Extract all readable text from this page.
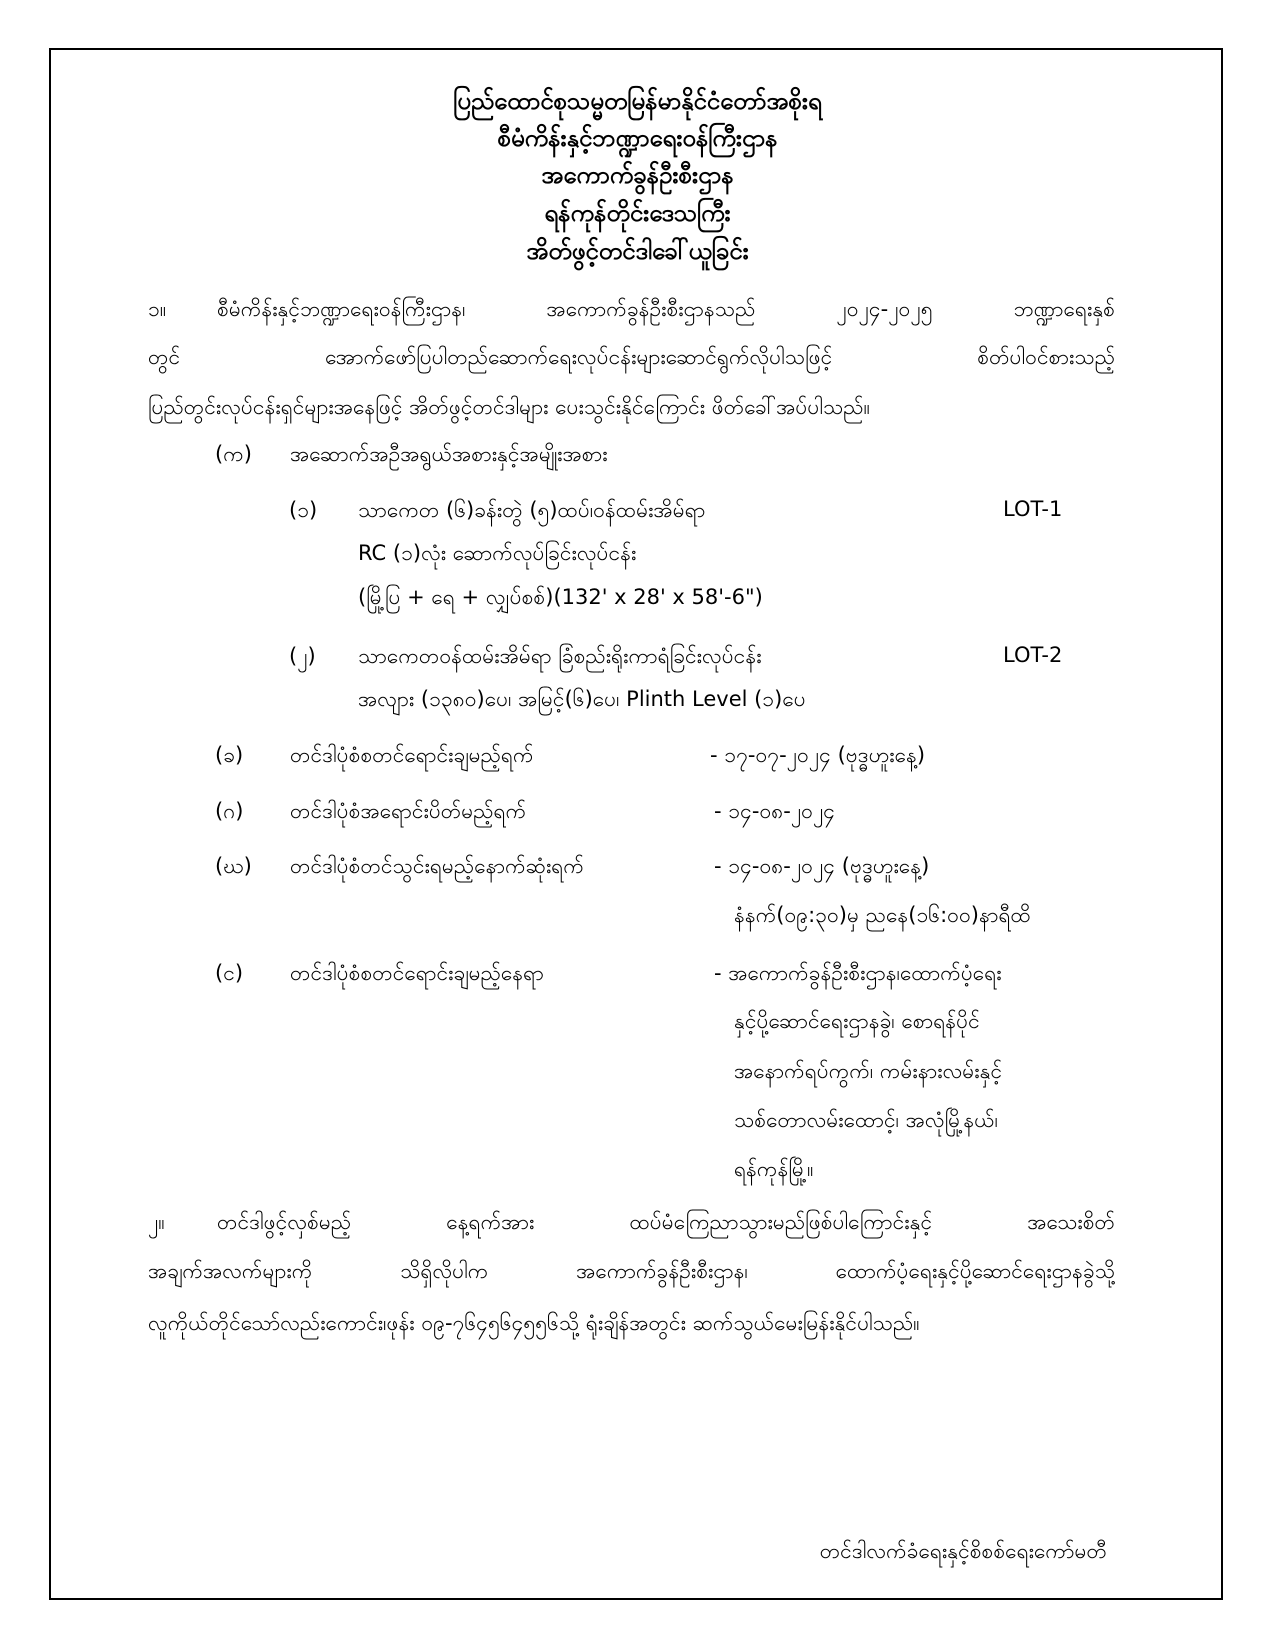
ပြည်ထောင်စုသမ္မတမြန်မာနိုင်ငံတော်အစိုးရ
စီမံကိန်းနှင့်ဘဏ္ဍာရေးဝန်ကြီးဌာန
အကောက်ခွန်ဦးစီးဌာန
ရန်ကုန်တိုင်းဒေသကြီး
အိတ်ဖွင့်တင်ဒါခေါ်ယူခြင်း
၁။ စီမံကိန်းနှင့်ဘဏ္ဍာရေးဝန်ကြီးဌာန၊ အကောက်ခွန်ဦးစီးဌာနသည် ၂၀၂၄-၂၀၂၅ ဘဏ္ဍာရေးနှစ်
တွင် အောက်ဖော်ပြပါတည်ဆောက်ရေးလုပ်ငန်းများဆောင်ရွက်လိုပါသဖြင့် စိတ်ပါဝင်စားသည့်
ပြည်တွင်းလုပ်ငန်းရှင်များအနေဖြင့် အိတ်ဖွင့်တင်ဒါများ ပေးသွင်းနိုင်ကြောင်း ဖိတ်ခေါ်အပ်ပါသည်။
(က) အဆောက်အဦအရွယ်အစားနှင့်အမျိုးအစား
(၁) သာကေတ (၆)ခန်းတွဲ (၅)ထပ်၊ဝန်ထမ်းအိမ်ရာ	LOT-1
RC (၁)လုံး ဆောက်လုပ်ခြင်းလုပ်ငန်း
(မြို့ပြ + ရေ + လျှပ်စစ်)(132' x 28' x 58'-6")
(၂) သာကေတဝန်ထမ်းအိမ်ရာ ခြံစည်းရိုးကာရံခြင်းလုပ်ငန်း	LOT-2
အလျား (၁၃၈၀)ပေ၊ အမြင့်(၆)ပေ၊ Plinth Level (၁)ပေ
(ခ) တင်ဒါပုံစံစတင်ရောင်းချမည့်ရက်	- ၁၇-၀၇-၂၀၂၄ (ဗုဒ္ဓဟူးနေ့)
(ဂ) တင်ဒါပုံစံအရောင်းပိတ်မည့်ရက်	- ၁၄-၀၈-၂၀၂၄
(ဃ) တင်ဒါပုံစံတင်သွင်းရမည့်နောက်ဆုံးရက်	- ၁၄-၀၈-၂၀၂၄ (ဗုဒ္ဓဟူးနေ့)
နံနက်(၀၉:၃၀)မှ ညနေ(၁၆:၀၀)နာရီထိ
(င) တင်ဒါပုံစံစတင်ရောင်းချမည့်နေရာ	- အကောက်ခွန်ဦးစီးဌာန၊ထောက်ပံ့ရေး
နှင့်ပို့ဆောင်ရေးဌာနခွဲ၊ စောရန်ပိုင်
အနောက်ရပ်ကွက်၊ ကမ်းနားလမ်းနှင့်
သစ်တောလမ်းထောင့်၊ အလုံမြို့နယ်၊
ရန်ကုန်မြို့။
၂။ တင်ဒါဖွင့်လှစ်မည့် နေ့ရက်အား ထပ်မံကြေညာသွားမည်ဖြစ်ပါကြောင်းနှင့် အသေးစိတ်
အချက်အလက်များကို သိရှိလိုပါက အကောက်ခွန်ဦးစီးဌာန၊ ထောက်ပံ့ရေးနှင့်ပို့ဆောင်ရေးဌာနခွဲသို့
လူကိုယ်တိုင်သော်လည်းကောင်း၊ဖုန်း ၀၉-၇၆၄၅၆၄၅၅၆သို့ ရုံးချိန်အတွင်း ဆက်သွယ်မေးမြန်းနိုင်ပါသည်။
တင်ဒါလက်ခံရေးနှင့်စိစစ်ရေးကော်မတီ
